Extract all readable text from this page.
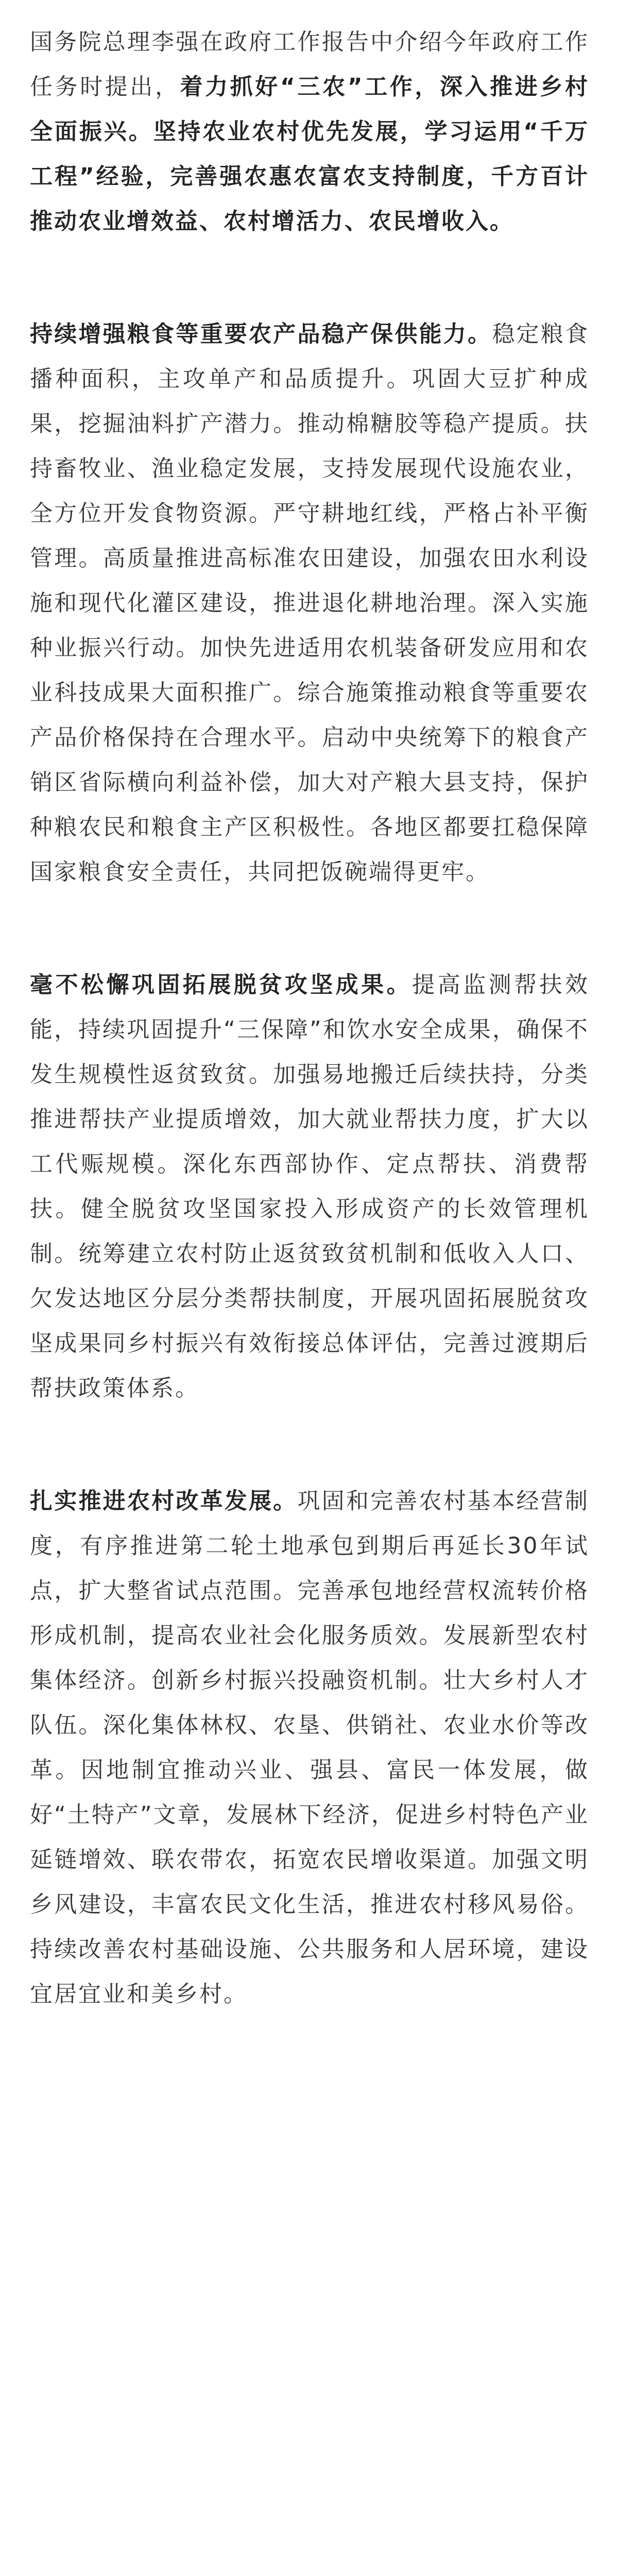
国务院总理李强在政府工作报告中介绍今年政府工作任务时提出，着力抓好“三农”工作，深入推进乡村全面振兴。坚持农业农村优先发展，学习运用“千万工程”经验，完善强农惠农富农支持制度，千方百计推动农业增效益、农村增活力、农民增收入。

持续增强粮食等重要农产品稳产保供能力。稳定粮食播种面积，主攻单产和品质提升。巩固大豆扩种成果，挖掘油料扩产潜力。推动棉糖胶等稳产提质。扶持畜牧业、渔业稳定发展，支持发展现代设施农业，全方位开发食物资源。严守耕地红线，严格占补平衡管理。高质量推进高标准农田建设，加强农田水利设施和现代化灌区建设，推进退化耕地治理。深入实施种业振兴行动。加快先进适用农机装备研发应用和农业科技成果大面积推广。综合施策推动粮食等重要农产品价格保持在合理水平。启动中央统筹下的粮食产销区省际横向利益补偿，加大对产粮大县支持，保护种粮农民和粮食主产区积极性。各地区都要扛稳保障国家粮食安全责任，共同把饭碗端得更牢。

毫不松懈巩固拓展脱贫攻坚成果。提高监测帮扶效能，持续巩固提升“三保障”和饮水安全成果，确保不发生规模性返贫致贫。加强易地搬迁后续扶持，分类推进帮扶产业提质增效，加大就业帮扶力度，扩大以工代赈规模。深化东西部协作、定点帮扶、消费帮扶。健全脱贫攻坚国家投入形成资产的长效管理机制。统筹建立农村防止返贫致贫机制和低收入人口、欠发达地区分层分类帮扶制度，开展巩固拓展脱贫攻坚成果同乡村振兴有效衔接总体评估，完善过渡期后帮扶政策体系。

扎实推进农村改革发展。巩固和完善农村基本经营制度，有序推进第二轮土地承包到期后再延长30年试点，扩大整省试点范围。完善承包地经营权流转价格形成机制，提高农业社会化服务质效。发展新型农村集体经济。创新乡村振兴投融资机制。壮大乡村人才队伍。深化集体林权、农垦、供销社、农业水价等改革。因地制宜推动兴业、强县、富民一体发展，做好“土特产”文章，发展林下经济，促进乡村特色产业延链增效、联农带农，拓宽农民增收渠道。加强文明乡风建设，丰富农民文化生活，推进农村移风易俗。持续改善农村基础设施、公共服务和人居环境，建设宜居宜业和美乡村。
